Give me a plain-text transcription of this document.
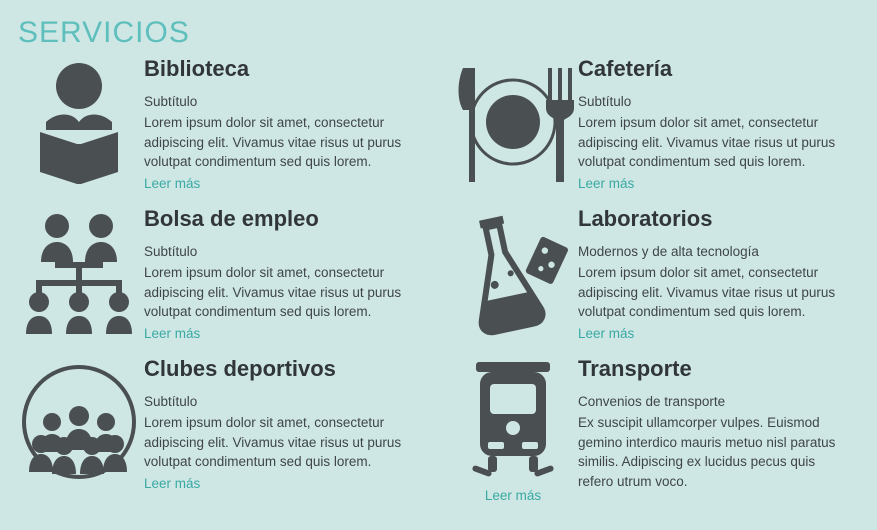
SERVICIOS
Biblioteca
Subtítulo
Lorem ipsum dolor sit amet, consectetur adipiscing elit. Vivamus vitae risus ut purus volutpat condimentum sed quis lorem.
Leer más
Cafetería
Subtítulo
Lorem ipsum dolor sit amet, consectetur adipiscing elit. Vivamus vitae risus ut purus volutpat condimentum sed quis lorem.
Leer más
Bolsa de empleo
Subtítulo
Lorem ipsum dolor sit amet, consectetur adipiscing elit. Vivamus vitae risus ut purus volutpat condimentum sed quis lorem.
Leer más
Laboratorios
Modernos y de alta tecnología
Lorem ipsum dolor sit amet, consectetur adipiscing elit. Vivamus vitae risus ut purus volutpat condimentum sed quis lorem.
Leer más
Clubes deportivos
Subtítulo
Lorem ipsum dolor sit amet, consectetur adipiscing elit. Vivamus vitae risus ut purus volutpat condimentum sed quis lorem.
Leer más
Leer más
Transporte
Convenios de transporte
Ex suscipit ullamcorper vulpes. Euismod gemino interdico mauris metuo nisl paratus similis. Adipiscing ex lucidus pecus quis refero utrum voco.
